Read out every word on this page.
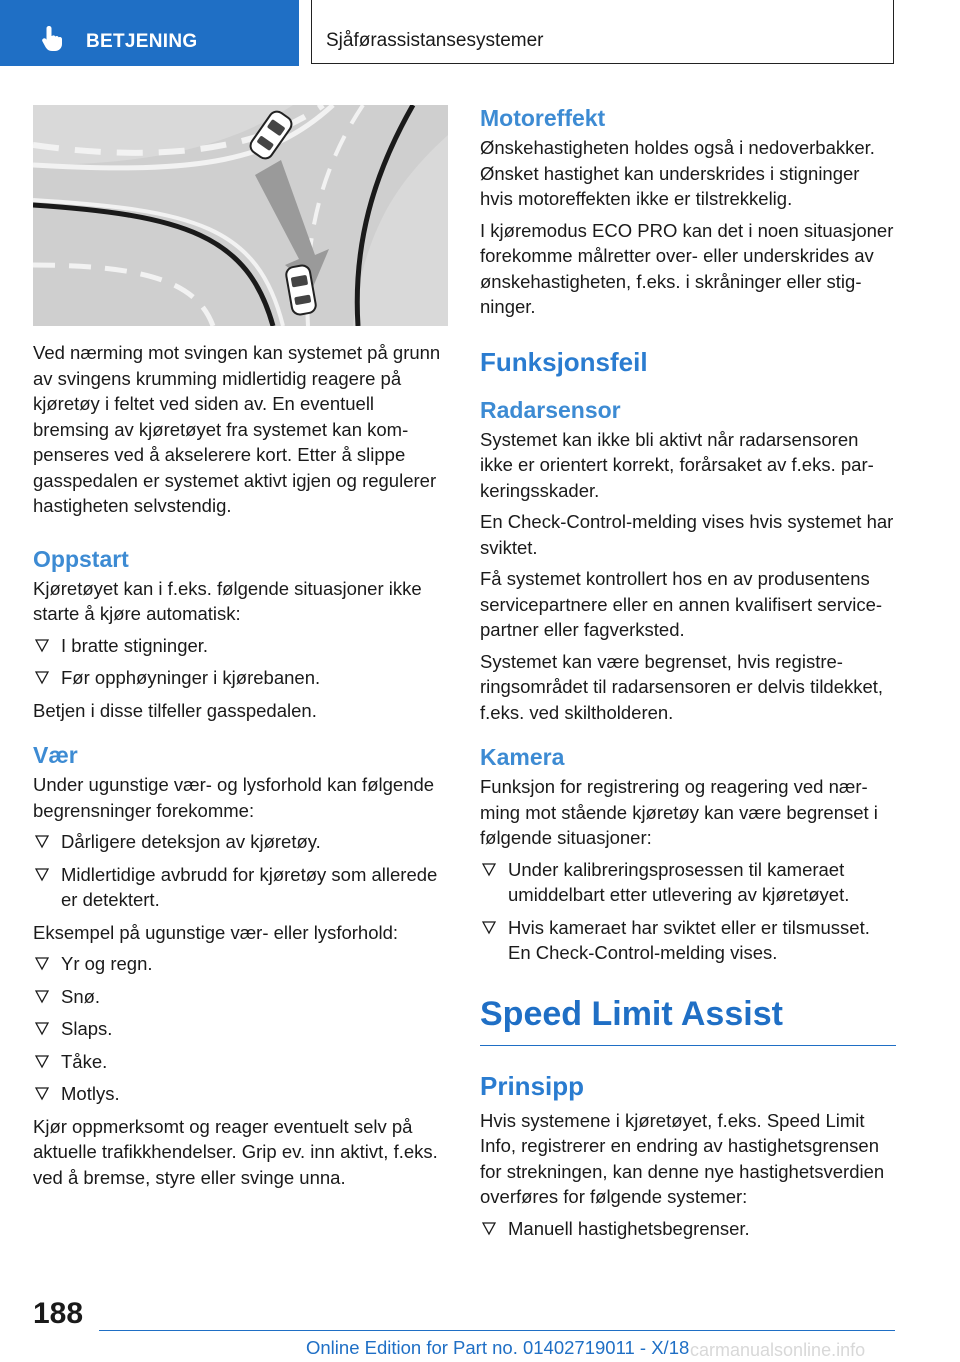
BETJENING	Sjåførassistansesystemer

Ved nærming mot svingen kan systemet på grunn av svingens krumming midlertidig reagere på kjøretøy i feltet ved siden av. En eventuell bremsing av kjøretøyet fra systemet kan kompenseres ved å akselerere kort. Etter å slippe gasspedalen er systemet aktivt igjen og regulerer hastigheten selvstendig.

Oppstart

Kjøretøyet kan i f.eks. følgende situasjoner ikke starte å kjøre automatisk:

I bratte stigninger.
Før opphøyninger i kjørebanen.

Betjen i disse tilfeller gasspedalen.

Vær

Under ugunstige vær- og lysforhold kan følgende begrensninger forekomme:

Dårligere deteksjon av kjøretøy.
Midlertidige avbrudd for kjøretøy som allerede er detektert.

Eksempel på ugunstige vær- eller lysforhold:

Yr og regn.
Snø.
Slaps.
Tåke.
Motlys.

Kjør oppmerksomt og reager eventuelt selv på aktuelle trafikkhendelser. Grip ev. inn aktivt, f.eks. ved å bremse, styre eller svinge unna.

Motoreffekt

Ønskehastigheten holdes også i nedoverbakker. Ønsket hastighet kan underskrides i stigninger hvis motoreffekten ikke er tilstrekkelig.

I kjøremodus ECO PRO kan det i noen situasjoner forekomme målretter over- eller underskrides av ønskehastigheten, f.eks. i skråninger eller stigninger.

Funksjonsfeil
Radarsensor

Systemet kan ikke bli aktivt når radarsensoren ikke er orientert korrekt, forårsaket av f.eks. parkeringsskader.

En Check-Control-melding vises hvis systemet har sviktet.

Få systemet kontrollert hos en av produsentens servicepartnere eller en annen kvalifisert servicepartner eller fagverksted.

Systemet kan være begrenset, hvis registreringsområdet til radarsensoren er delvis tildekket, f.eks. ved skiltholderen.

Kamera

Funksjon for registrering og reagering ved nærming mot stående kjøretøy kan være begrenset i følgende situasjoner:

Under kalibreringsprosessen til kameraet umiddelbart etter utlevering av kjøretøyet.
Hvis kameraet har sviktet eller er tilsmusset. En Check-Control-melding vises.
Speed Limit Assist
Prinsipp

Hvis systemene i kjøretøyet, f.eks. Speed Limit Info, registrerer en endring av hastighetsgrensen for strekningen, kan denne nye hastighetsverdien overføres for følgende systemer:

Manuell hastighetsbegrenser.
188
Online Edition for Part no. 01402719011 - X/18 carmanualsonline.info
